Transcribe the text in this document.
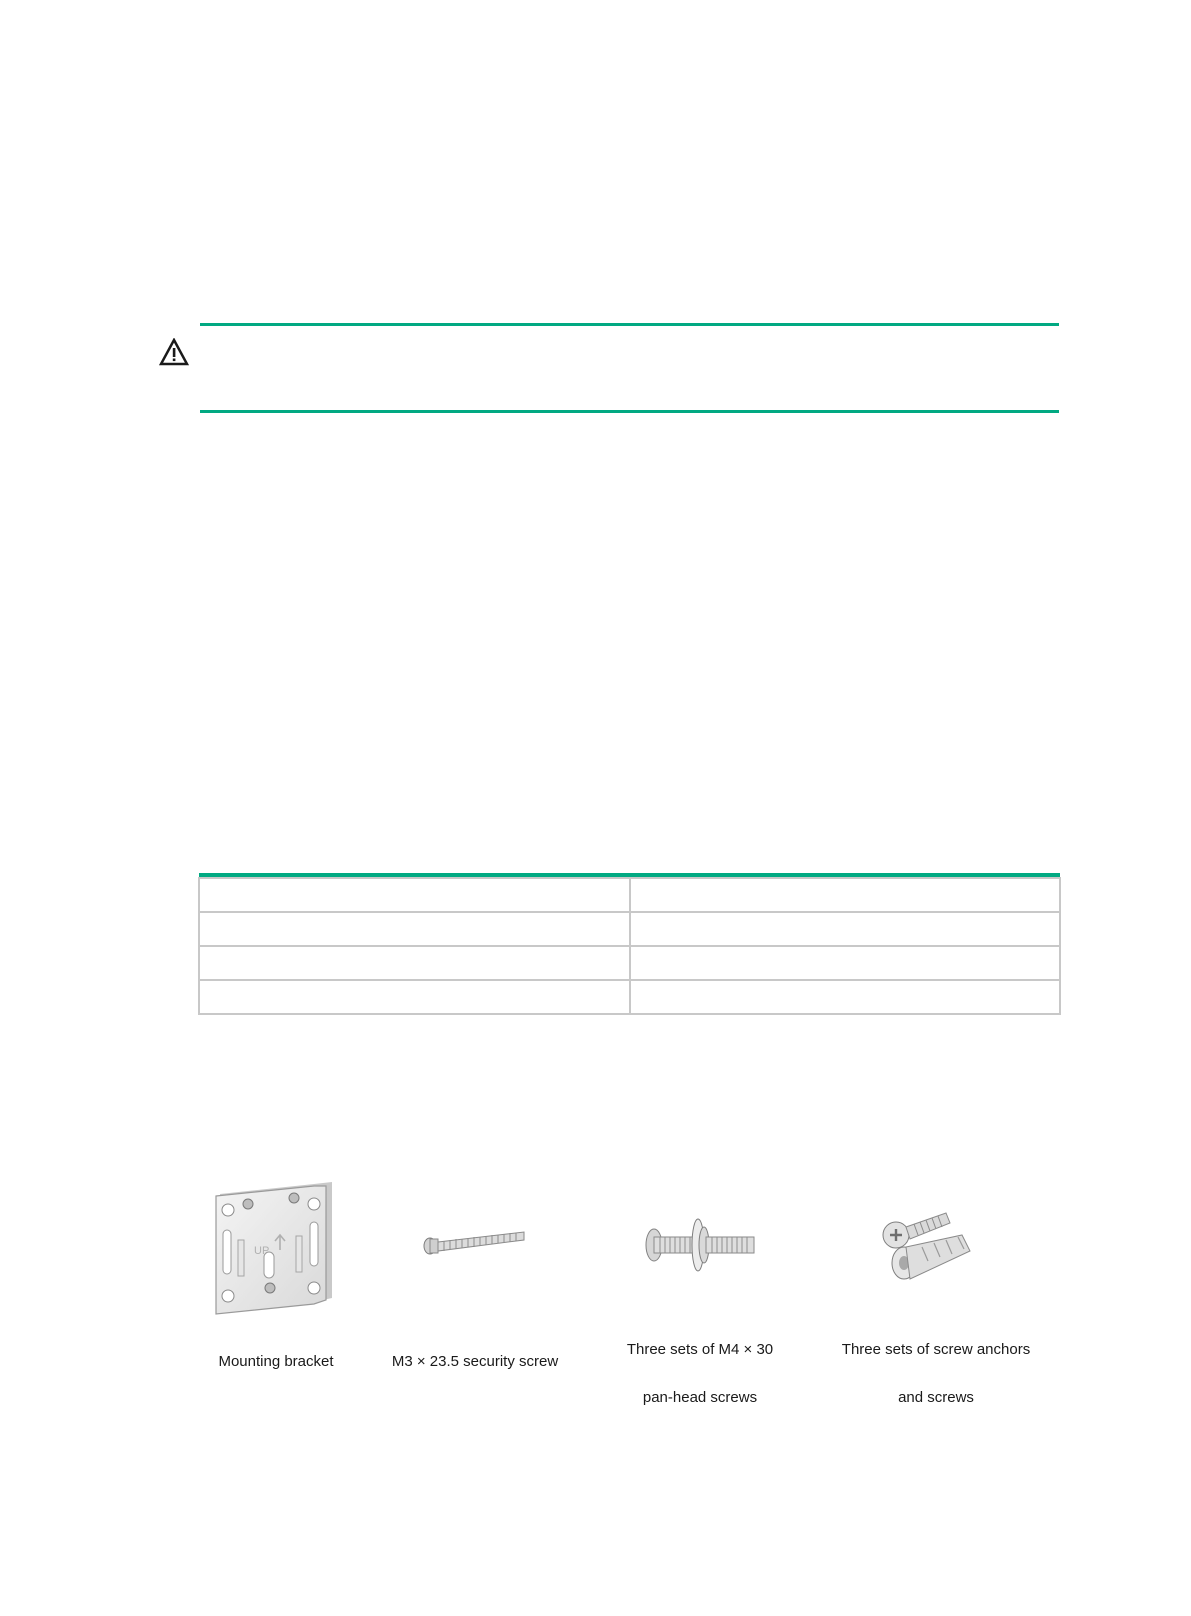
UP

Mounting bracket	M3 × 23.5 security screw

Three sets of M4 × 30

pan-head screws

Three sets of screw anchors

and screws
